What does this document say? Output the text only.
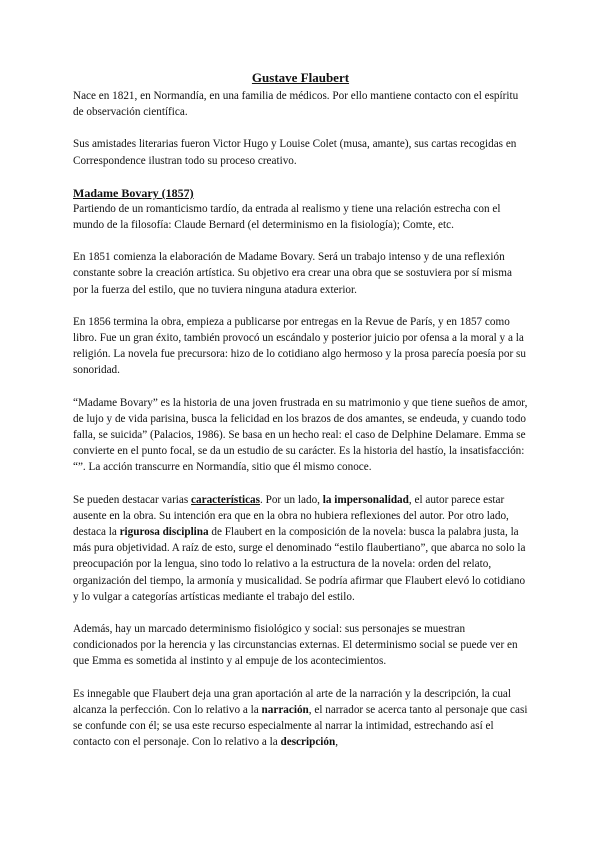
Gustave Flaubert

Nace en 1821, en Normandía, en una familia de médicos. Por ello mantiene contacto con el espíritu de observación científica.

Sus amistades literarias fueron Victor Hugo y Louise Colet (musa, amante), sus cartas recogidas en Correspondence ilustran todo su proceso creativo.

Madame Bovary (1857)

Partiendo de un romanticismo tardío, da entrada al realismo y tiene una relación estrecha con el mundo de la filosofía: Claude Bernard (el determinismo en la fisiología); Comte, etc.

En 1851 comienza la elaboración de Madame Bovary. Será un trabajo intenso y de una reflexión constante sobre la creación artística. Su objetivo era crear una obra que se sostuviera por sí misma por la fuerza del estilo, que no tuviera ninguna atadura exterior.

En 1856 termina la obra, empieza a publicarse por entregas en la Revue de París, y en 1857 como libro. Fue un gran éxito, también provocó un escándalo y posterior juicio por ofensa a la moral y a la religión. La novela fue precursora: hizo de lo cotidiano algo hermoso y la prosa parecía poesía por su sonoridad.

“Madame Bovary” es la historia de una joven frustrada en su matrimonio y que tiene sueños de amor, de lujo y de vida parisina, busca la felicidad en los brazos de dos amantes, se endeuda, y cuando todo falla, se suicida” (Palacios, 1986). Se basa en un hecho real: el caso de Delphine Delamare. Emma se convierte en el punto focal, se da un estudio de su carácter. Es la historia del hastío, la insatisfacción: “”. La acción transcurre en Normandía, sitio que él mismo conoce.

Se pueden destacar varias características. Por un lado, la impersonalidad, el autor parece estar ausente en la obra. Su intención era que en la obra no hubiera reflexiones del autor. Por otro lado, destaca la rigurosa disciplina de Flaubert en la composición de la novela: busca la palabra justa, la más pura objetividad. A raíz de esto, surge el denominado “estilo flaubertiano”, que abarca no solo la preocupación por la lengua, sino todo lo relativo a la estructura de la novela: orden del relato, organización del tiempo, la armonía y musicalidad. Se podría afirmar que Flaubert elevó lo cotidiano y lo vulgar a categorías artísticas mediante el trabajo del estilo.

Además, hay un marcado determinismo fisiológico y social: sus personajes se muestran condicionados por la herencia y las circunstancias externas. El determinismo social se puede ver en que Emma es sometida al instinto y al empuje de los acontecimientos.

Es innegable que Flaubert deja una gran aportación al arte de la narración y la descripción, la cual alcanza la perfección. Con lo relativo a la narración, el narrador se acerca tanto al personaje que casi se confunde con él; se usa este recurso especialmente al narrar la intimidad, estrechando así el contacto con el personaje. Con lo relativo a la descripción,
